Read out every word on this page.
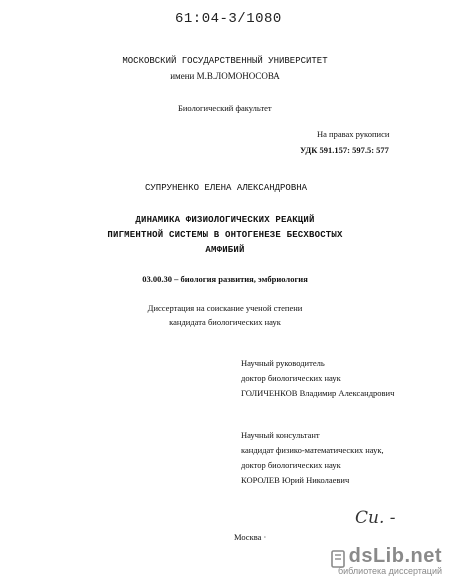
61:04-3/1080
МОСКОВСКИЙ ГОСУДАРСТВЕННЫЙ УНИВЕРСИТЕТ
имени М.В.ЛОМОНОСОВА
Биологический факультет
На правах рукописи
УДК 591.157: 597.5: 577
СУПРУНЕНКО ЕЛЕНА АЛЕКСАНДРОВНА
ДИНАМИКА ФИЗИОЛОГИЧЕСКИХ РЕАКЦИЙ
ПИГМЕНТНОЙ СИСТЕМЫ В ОНТОГЕНЕЗЕ БЕСХВОСТЫХ
АМФИБИЙ
03.00.30 – биология развития, эмбриология
Диссертация на соискание ученой степени
кандидата биологических наук
Научный руководитель
доктор биологических наук
ГОЛИЧЕНКОВ Владимир Александрович
Научный консультант
кандидат физико-математических наук,
доктор биологических наук
КОРОЛЕВ Юрий Николаевич
Си. -
Москва ·
dsLib.net
библиотека диссертаций
